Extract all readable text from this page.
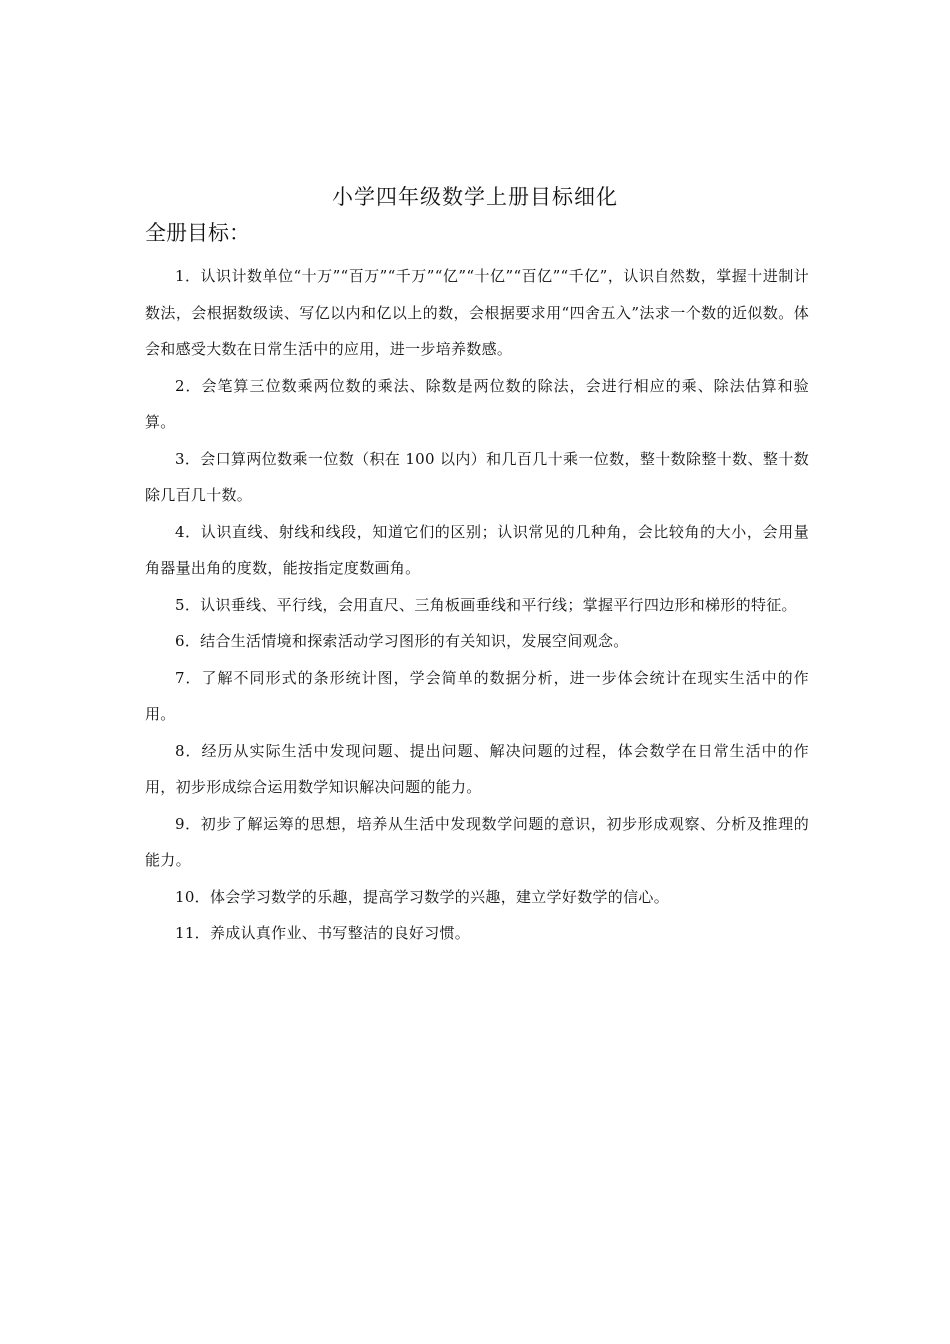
小学四年级数学上册目标细化
全册目标：
1．认识计数单位“十万”“百万”“千万”“亿”“十亿”“百亿”“千亿”，认识自然数，掌握十进制计数法，会根据数级读、写亿以内和亿以上的数，会根据要求用“四舍五入”法求一个数的近似数。体会和感受大数在日常生活中的应用，进一步培养数感。
2．会笔算三位数乘两位数的乘法、除数是两位数的除法，会进行相应的乘、除法估算和验算。
3．会口算两位数乘一位数（积在 100 以内）和几百几十乘一位数，整十数除整十数、整十数除几百几十数。
4．认识直线、射线和线段，知道它们的区别；认识常见的几种角，会比较角的大小，会用量角器量出角的度数，能按指定度数画角。
5．认识垂线、平行线，会用直尺、三角板画垂线和平行线；掌握平行四边形和梯形的特征。
6．结合生活情境和探索活动学习图形的有关知识，发展空间观念。
7．了解不同形式的条形统计图，学会简单的数据分析，进一步体会统计在现实生活中的作用。
8．经历从实际生活中发现问题、提出问题、解决问题的过程，体会数学在日常生活中的作用，初步形成综合运用数学知识解决问题的能力。
9．初步了解运筹的思想，培养从生活中发现数学问题的意识，初步形成观察、分析及推理的能力。
10．体会学习数学的乐趣，提高学习数学的兴趣，建立学好数学的信心。
11．养成认真作业、书写整洁的良好习惯。
